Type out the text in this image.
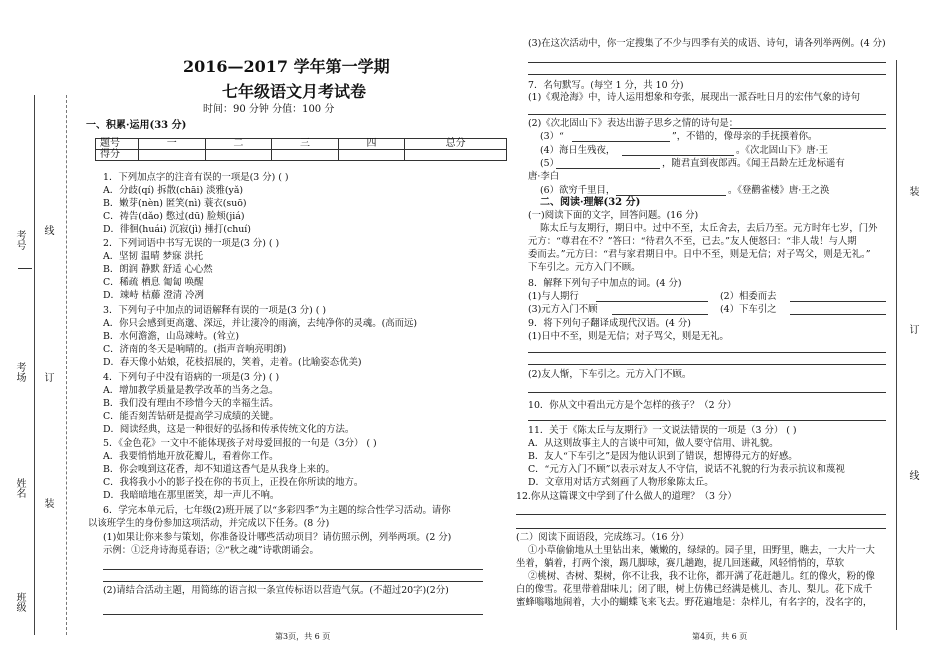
考号
考场
姓名
班级
线
订
装
2016—2017 学年第一学期
七年级语文月考试卷
时间：90 分钟 分值：100 分
一、积累·运用(33 分)
题号	一	二	三	四	总分
得分					
1．下列加点字的注音有误的一项是(3 分) ( )
A．分歧(qí) 拆散(chāi) 淡雅(yǎ)
B．嫩芽(nèn) 匿笑(nì) 蓑衣(suō)
C．祷告(dǎo) 憋过(dū) 脸颊(jiá)
D．徘徊(huái) 沉寂(jì) 捶打(chuí)
2．下列词语中书写无误的一项是(3 分) ( )
A．坚韧 温晴 梦寐 洪托
B．朗润 静默 舒适 心心然
C．稀疏 栖息 匍匐 唤醒
D．竦峙 枯藤 澄清 冷冽
3．下列句子中加点的词语解释有误的一项是(3 分) ( )
A．你只会感到更高邈、深远，并让淒冷的雨滴，去纯净你的灵魂。(高而远)
B．水何澹澹，山岛竦峙。(耸立)
C．济南的冬天是响晴的。(指声音响亮明朗)
D．春天像小姑娘，花枝招展的，笑着，走着。(比喻姿态优美)
4．下列句子中没有语病的一项是(3 分) ( )
A．增加教学质量是教学改革的当务之急。
B．我们没有理由不珍惜今天的幸福生活。
C．能否刻苦钻研是提高学习成绩的关键。
D．阅读经典，这是一种很好的弘扬和传承传统文化的方法。
5．《金色花》一文中不能体现孩子对母爱回报的一句是（3分） ( )
A．我要悄悄地开放花瓣儿，看着你工作。
B．你会嗅到这花香，却不知道这香气是从我身上来的。
C．我将我小小的影子投在你的书页上，正投在你所读的地方。
D．我暗暗地在那里匿笑，却一声儿不响。
6．学完本单元后，七年级(2)班开展了以“多彩四季”为主题的综合性学习活动。请你
以该班学生的身份参加这项活动，并完成以下任务。(8 分)
(1)如果让你来参与策划，你准备设计哪些活动项目？请仿照示例，列举两项。(2 分)
示例：①泛舟诗海觅春语；②“秋之魂”诗歌朗诵会。
(2)请结合活动主题，用简练的语言拟一条宣传标语以营造气氛。(不超过20字)(2分)
第3页，共 6 页
(3)在这次活动中，你一定搜集了不少与四季有关的成语、诗句，请各列举两例。(4 分)
7．名句默写。(每空 1 分，共 10 分)
(1)《观沧海》中，诗人运用想象和夸张，展现出一派吞吐日月的宏伟气象的诗句
(2)《次北固山下》表达出游子思乡之情的诗句是：
(3）“	”，不错的，像母亲的手抚摸着你。
(4）海日生残夜，	。《次北固山下》唐·王
(5）	，随君直到夜郎西。《闻王昌龄左迁龙标遥有
唐·李白
(6）欲穷千里目，	。《登鹳雀楼》唐·王之涣
二、阅读·理解(32 分)
(一)阅读下面的文字，回答问题。(16 分)
陈太丘与友期行，期日中。过中不至，太丘舍去，去后乃至。元方时年七岁，门外
元方：“尊君在不？”答曰：“待君久不至，已去。”友人便怒曰：“非人哉！与人期
委而去。”元方曰：“君与家君期日中。日中不至，则是无信；对子骂父，则是无礼。”
下车引之。元方入门不顾。
8．解释下列句子中加点的词。(4 分)
(1)与人期行	(2）相委而去
(3)元方入门不顾	(4）下车引之
9．将下列句子翻译成现代汉语。(4 分)
(1)日中不至，则是无信；对子骂父，则是无礼。
(2)友人惭，下车引之。元方入门不顾。
10．你从文中看出元方是个怎样的孩子？（2 分）
11．关于《陈太丘与友期行》一文说法错误的一项是（3 分） ( )
A．从这则故事主人的言谈中可知，做人要守信用、讲礼貌。
B．友人“下车引之”是因为他认识到了错误，想博得元方的好感。
C．“元方入门不顾”以表示对友人不守信，说话不礼貌的行为表示抗议和蔑视
D．文章用对话方式刻画了人物形象陈太丘。
12.你从这篇课文中学到了什么做人的道理？（3 分）
(二）阅读下面语段，完成练习。（16 分）
①小草偷偷地从土里钻出来，嫩嫩的，绿绿的。园子里，田野里，瞧去，一大片一大
坐着，躺着，打两个滚，踢几脚球，赛几趟跑，捉几回迷藏，风轻悄悄的，草软
②桃树、杏树、梨树，你不让我，我不让你，都开满了花赶趟儿。红的像火，粉的像
白的像雪。花里带着甜味儿；闭了眼，树上仿佛已经满是桃儿、杏儿、梨儿。花下成千
蜜蜂嗡嗡地闹着，大小的蝴蝶飞来飞去。野花遍地是：杂样儿，有名字的，没名字的，
第4页，共 6 页
装
订
线
